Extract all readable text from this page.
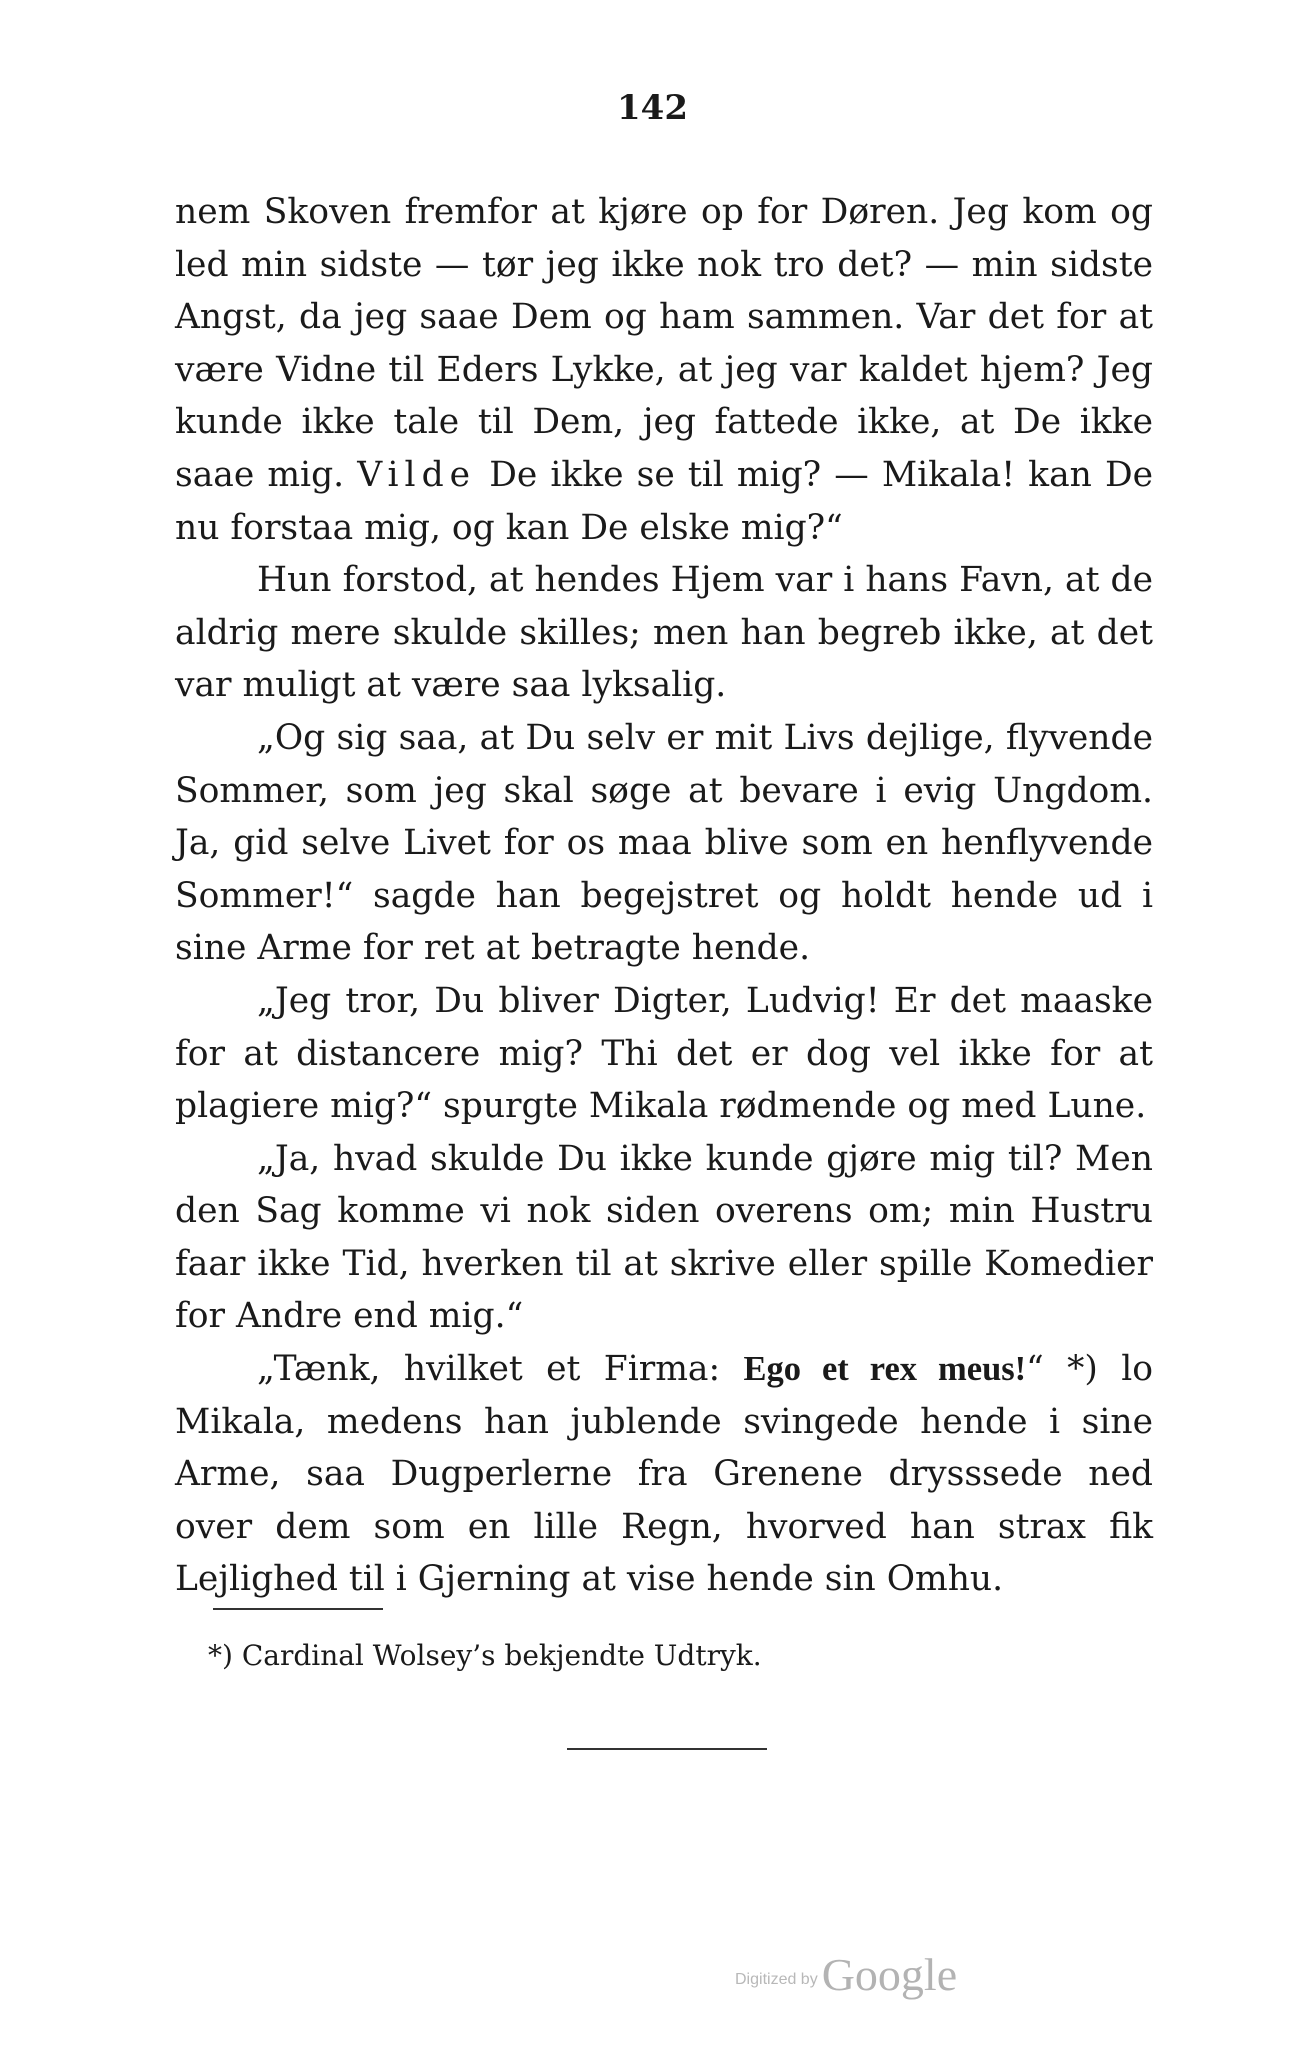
142

nem Skoven fremfor at kjøre op for Døren. Jeg kom og led min sidste — tør jeg ikke nok tro det? — min sidste Angst, da jeg saae Dem og ham sammen. Var det for at være Vidne til Eders Lykke, at jeg var kaldet hjem? Jeg kunde ikke tale til Dem, jeg fattede ikke, at De ikke saae mig. Vilde De ikke se til mig? — Mikala! kan De nu forstaa mig, og kan De elske mig?“

Hun forstod, at hendes Hjem var i hans Favn, at de aldrig mere skulde skilles; men han begreb ikke, at det var muligt at være saa lyksalig.

„Og sig saa, at Du selv er mit Livs dejlige, flyvende Sommer, som jeg skal søge at bevare i evig Ungdom. Ja, gid selve Livet for os maa blive som en henflyvende Sommer!“ sagde han begejstret og holdt hende ud i sine Arme for ret at betragte hende.

„Jeg tror, Du bliver Digter, Ludvig! Er det maaske for at distancere mig? Thi det er dog vel ikke for at plagiere mig?“ spurgte Mikala rødmende og med Lune.

„Ja, hvad skulde Du ikke kunde gjøre mig til? Men den Sag komme vi nok siden overens om; min Hustru faar ikke Tid, hverken til at skrive eller spille Komedier for Andre end mig.“

„Tænk, hvilket et Firma: Ego et rex meus!“ *) lo Mikala, medens han jublende svingede hende i sine Arme, saa Dugperlerne fra Grenene drysssede ned over dem som en lille Regn, hvorved han strax fik Lejlighed til i Gjerning at vise hende sin Omhu.

*) Cardinal Wolsey’s bekjendte Udtryk.
Digitized by Google
